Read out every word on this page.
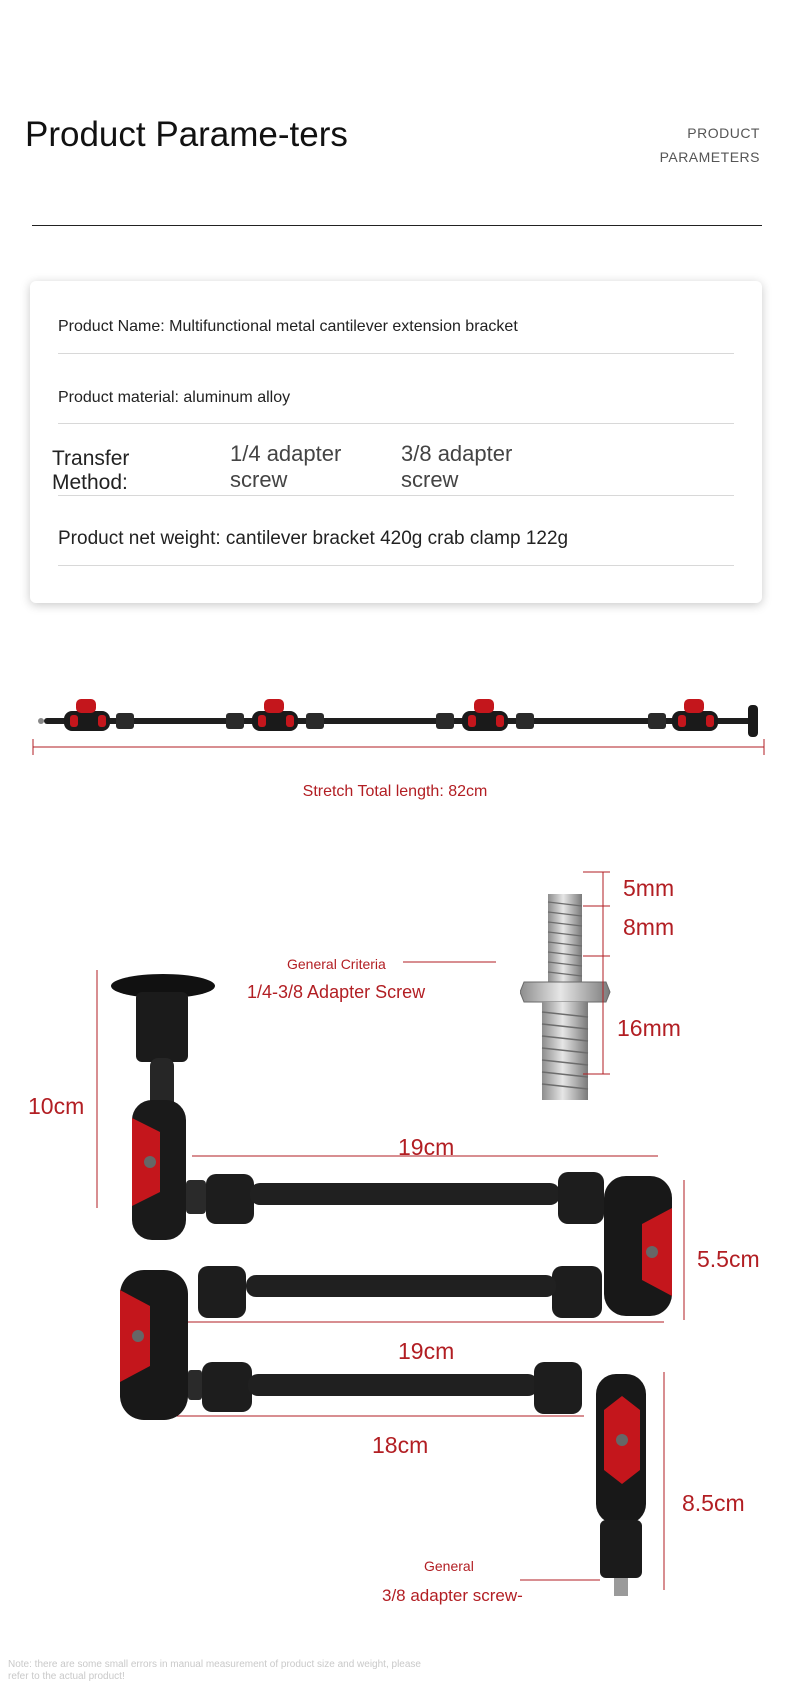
Product Parame-ters	PRODUCT
PARAMETERS
Product Name: Multifunctional metal cantilever extension bracket
Product material: aluminum alloy
Transfer Method:
1/4 adapter screw
3/8 adapter screw
Product net weight: cantilever bracket 420g crab clamp 122g
Stretch Total length: 82cm
5mm
8mm
16mm
General Criteria
1/4-3/8 Adapter Screw
10cm
19cm
5.5cm
19cm
18cm
8.5cm
General
3/8 adapter screw-
Note: there are some small errors in manual measurement of product size and weight, please refer to the actual product!
